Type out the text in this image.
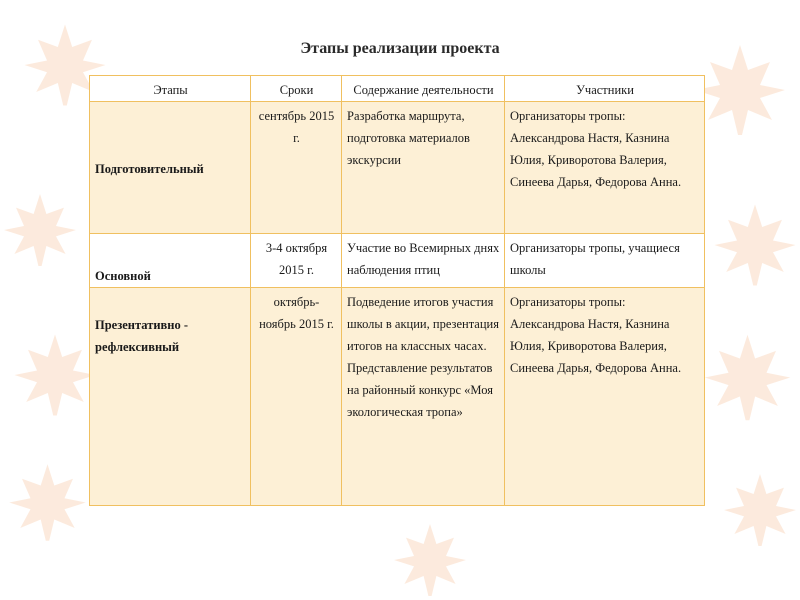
Этапы реализации проекта
Этапы	Сроки	Содержание деятельности	Участники
Подготовительный	сентябрь 2015 г.	Разработка маршрута, подготовка материалов экскурсии	Организаторы тропы: Александрова Настя, Казнина Юлия, Криворотова Валерия, Синеева Дарья, Федорова Анна.
Основной	3-4 октября 2015 г.	Участие во Всемирных днях наблюдения птиц	Организаторы тропы, учащиеся школы
Презентативно - рефлексивный	октябрь-ноябрь 2015 г.	Подведение итогов участия школы в акции, презентация итогов на классных часах. Представление результатов на районный конкурс «Моя экологическая тропа»	Организаторы тропы: Александрова Настя, Казнина Юлия, Криворотова Валерия, Синеева Дарья, Федорова Анна.
